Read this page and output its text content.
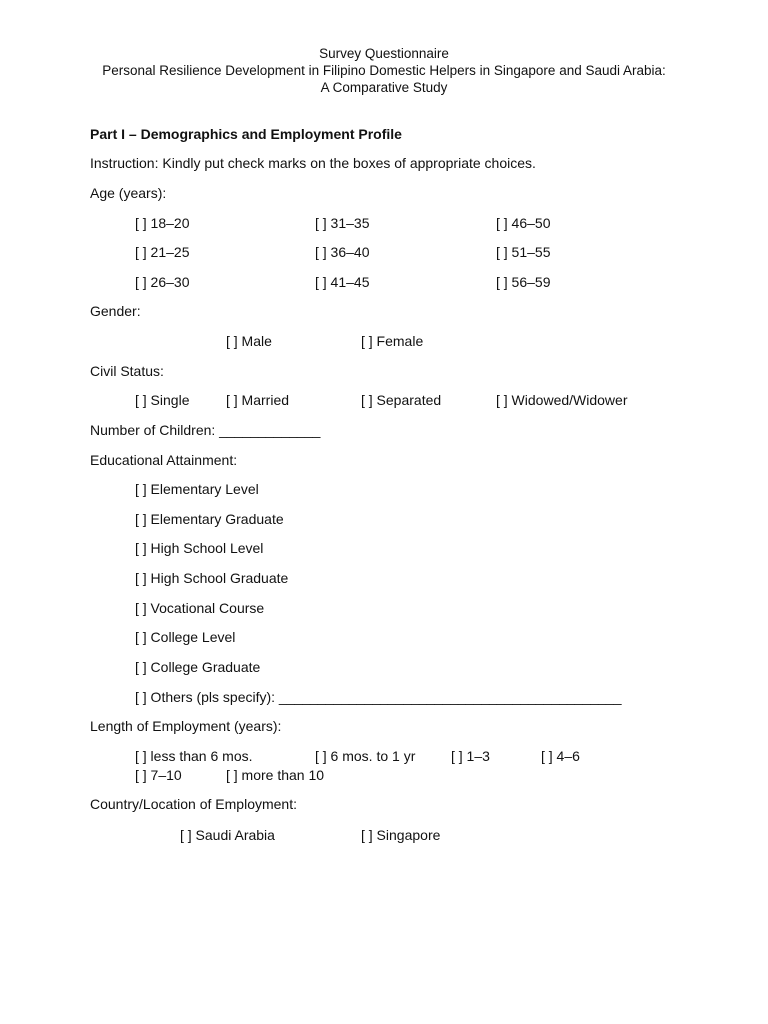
Survey Questionnaire
Personal Resilience Development in Filipino Domestic Helpers in Singapore and Saudi Arabia:
A Comparative Study
Part I – Demographics and Employment Profile
Instruction: Kindly put check marks on the boxes of appropriate choices.
Age (years):
[ ] 18–20	[ ] 31–35	[ ] 46–50
[ ] 21–25	[ ] 36–40	[ ] 51–55
[ ] 26–30	[ ] 41–45	[ ] 56–59
Gender:
[ ] Male	[ ] Female
Civil Status:
[ ] Single	[ ] Married	[ ] Separated	[ ] Widowed/Widower
Number of Children: _____________
Educational Attainment:
[ ] Elementary Level
[ ] Elementary Graduate
[ ] High School Level
[ ] High School Graduate
[ ] Vocational Course
[ ] College Level
[ ] College Graduate
[ ] Others (pls specify): ____________________________________________
Length of Employment (years):
[ ] less than 6 mos.	[ ] 6 mos. to 1 yr	[ ] 1–3	[ ] 4–6
[ ] 7–10	[ ] more than 10
Country/Location of Employment:
[ ] Saudi Arabia	[ ] Singapore
